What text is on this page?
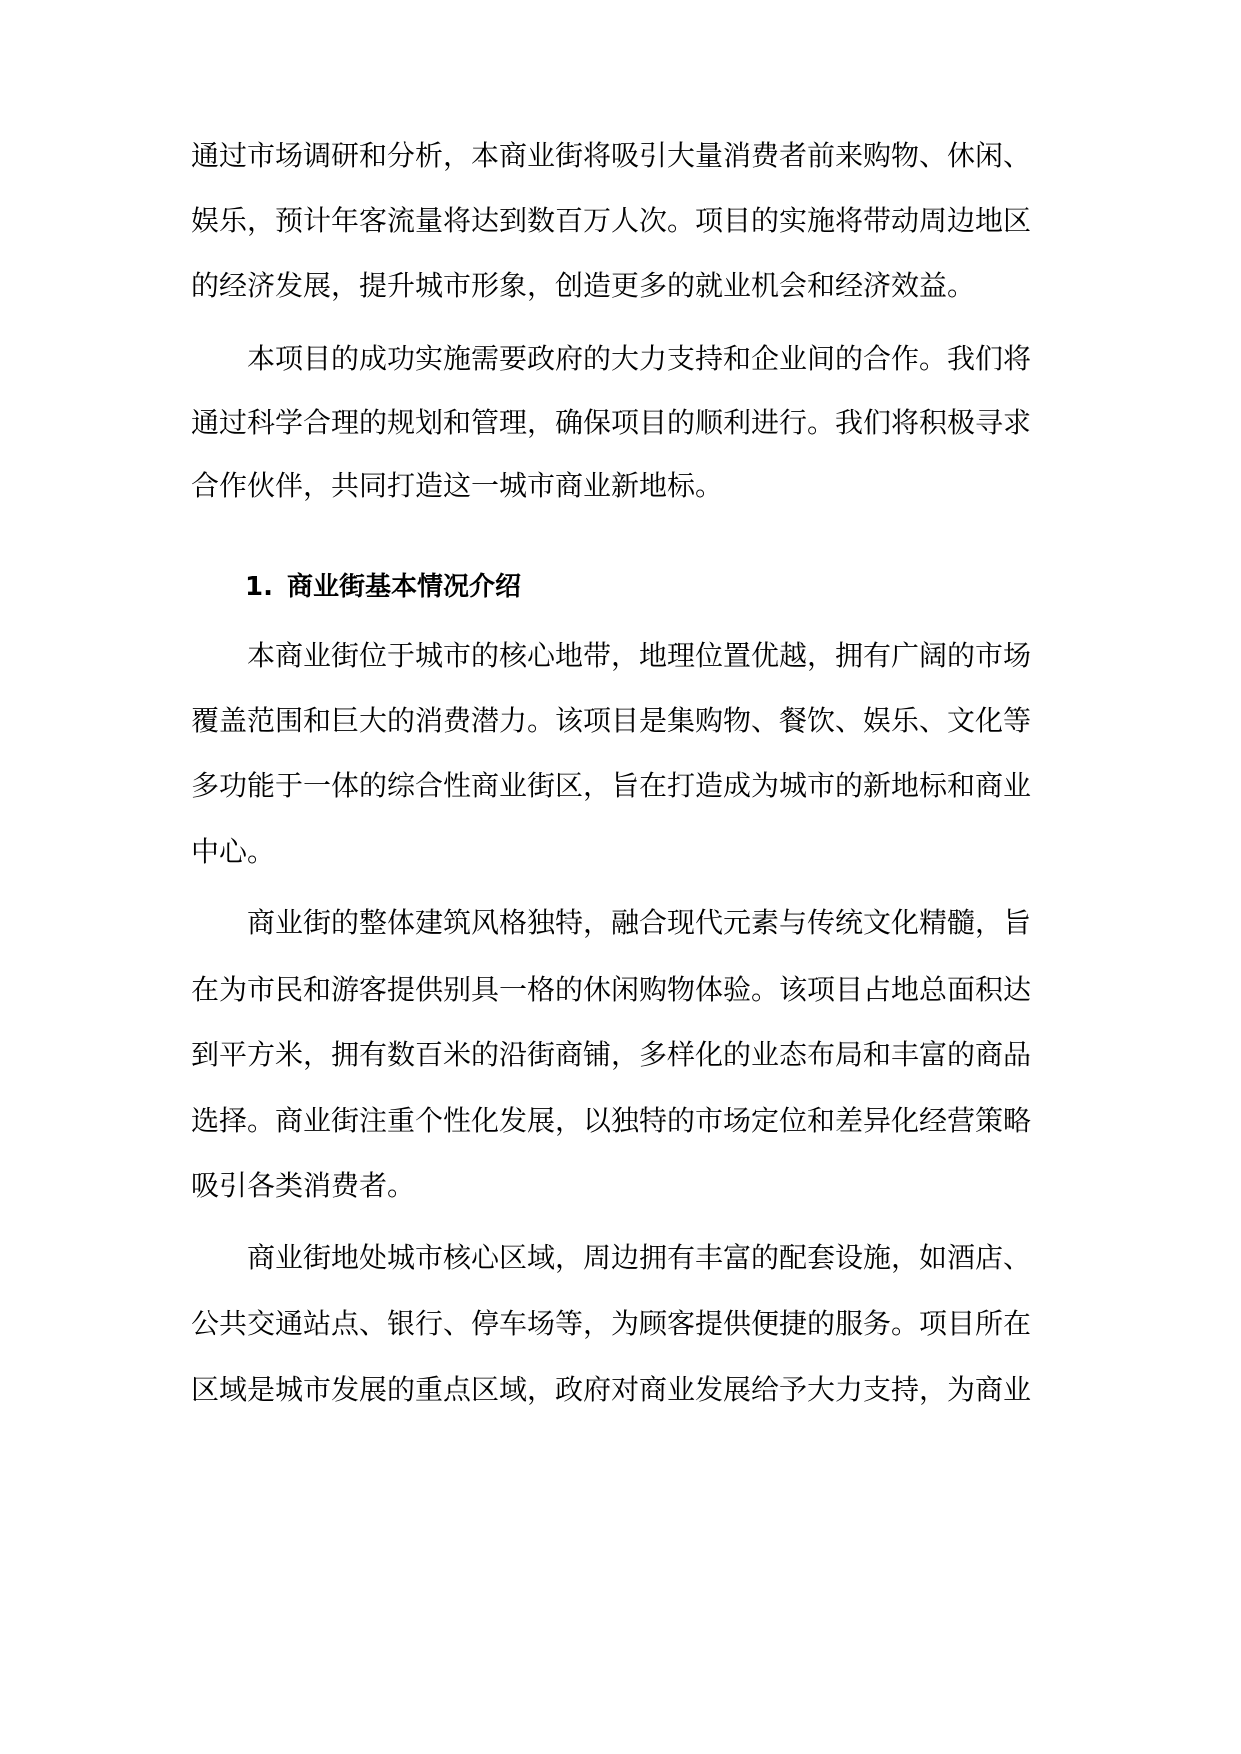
通过市场调研和分析，本商业街将吸引大量消费者前来购物、休闲、
娱乐，预计年客流量将达到数百万人次。项目的实施将带动周边地区
的经济发展，提升城市形象，创造更多的就业机会和经济效益。
本项目的成功实施需要政府的大力支持和企业间的合作。我们将
通过科学合理的规划和管理，确保项目的顺利进行。我们将积极寻求
合作伙伴，共同打造这一城市商业新地标。
1. 商业街基本情况介绍
本商业街位于城市的核心地带，地理位置优越，拥有广阔的市场
覆盖范围和巨大的消费潜力。该项目是集购物、餐饮、娱乐、文化等
多功能于一体的综合性商业街区，旨在打造成为城市的新地标和商业
中心。
商业街的整体建筑风格独特，融合现代元素与传统文化精髓，旨
在为市民和游客提供别具一格的休闲购物体验。该项目占地总面积达
到平方米，拥有数百米的沿街商铺，多样化的业态布局和丰富的商品
选择。商业街注重个性化发展，以独特的市场定位和差异化经营策略
吸引各类消费者。
商业街地处城市核心区域，周边拥有丰富的配套设施，如酒店、
公共交通站点、银行、停车场等，为顾客提供便捷的服务。项目所在
区域是城市发展的重点区域，政府对商业发展给予大力支持，为商业
